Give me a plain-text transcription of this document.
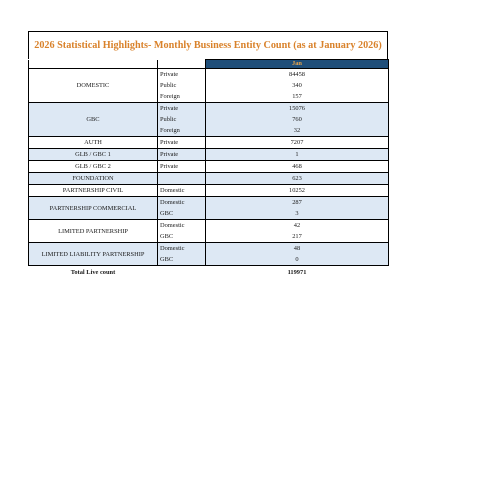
2026 Statistical Highlights- Monthly Business Entity Count (as at January 2026)
		Jan
DOMESTIC	Private	84458
	Public	340
	Foreign	157
GBC	Private	15076
	Public	760
	Foreign	32
AUTH	Private	7207
GLB / GBC 1	Private	1
GLB / GBC 2	Private	468
FOUNDATION		623
PARTNERSHIP CIVIL	Domestic	10252
PARTNERSHIP COMMERCIAL	Domestic	287
	GBC	3
LIMITED PARTNERSHIP	Domestic	42
	GBC	217
LIMITED LIABILITY PARTNERSHIP	Domestic	48
	GBC	0
Total Live count		119971
